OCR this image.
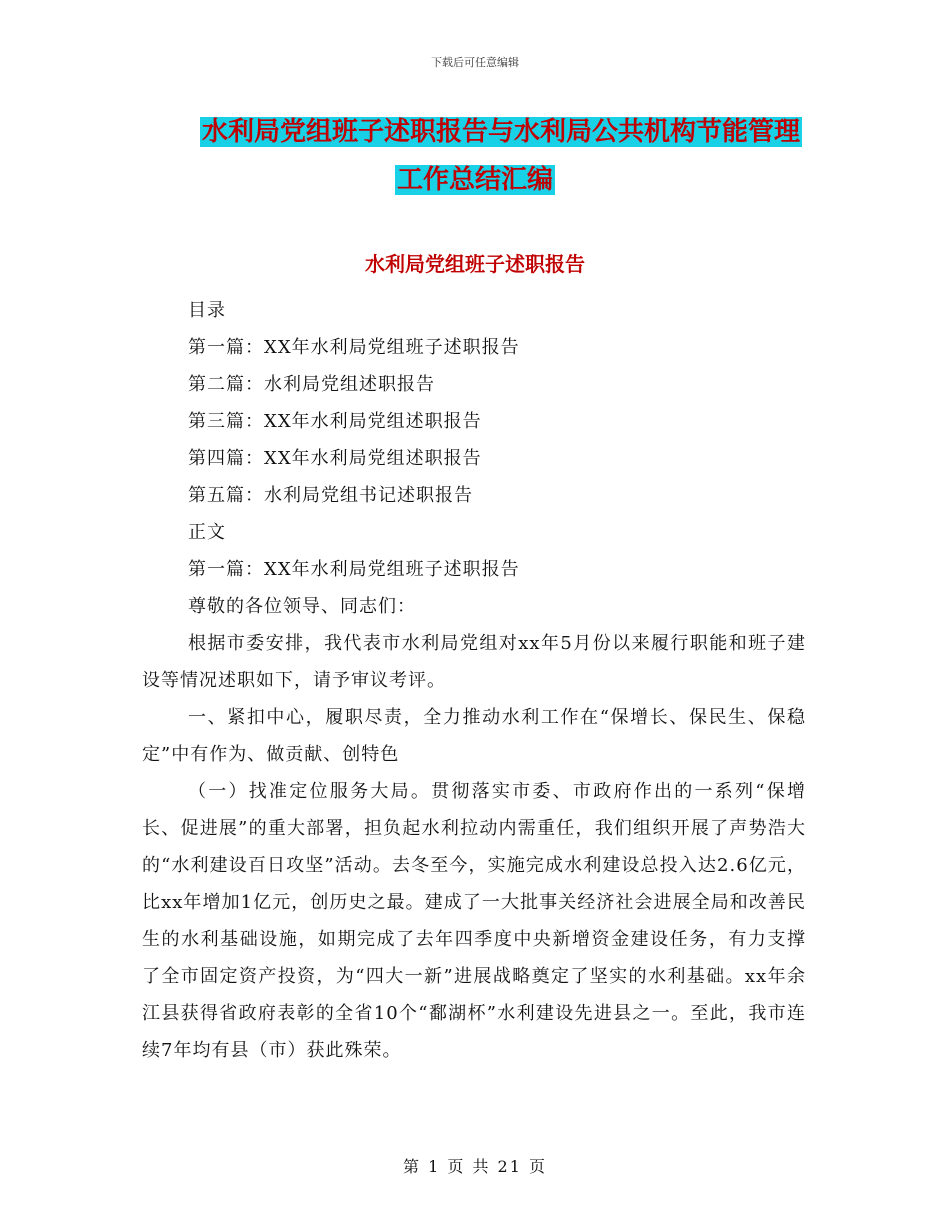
下载后可任意编辑
水利局党组班子述职报告与水利局公共机构节能管理
工作总结汇编
水利局党组班子述职报告

目录

第一篇：XX年水利局党组班子述职报告

第二篇：水利局党组述职报告

第三篇：XX年水利局党组述职报告

第四篇：XX年水利局党组述职报告

第五篇：水利局党组书记述职报告

正文

第一篇：XX年水利局党组班子述职报告

尊敬的各位领导、同志们：

根据市委安排，我代表市水利局党组对xx年5月份以来履行职能和班子建设等情况述职如下，请予审议考评。

一、紧扣中心，履职尽责，全力推动水利工作在“保增长、保民生、保稳定”中有作为、做贡献、创特色

（一）找准定位服务大局。贯彻落实市委、市政府作出的一系列“保增长、促进展”的重大部署，担负起水利拉动内需重任，我们组织开展了声势浩大的“水利建设百日攻坚”活动。去冬至今，实施完成水利建设总投入达2.6亿元，比xx年增加1亿元，创历史之最。建成了一大批事关经济社会进展全局和改善民生的水利基础设施，如期完成了去年四季度中央新增资金建设任务，有力支撑了全市固定资产投资，为“四大一新”进展战略奠定了坚实的水利基础。xx年余江县获得省政府表彰的全省10个“鄱湖杯”水利建设先进县之一。至此，我市连续7年均有县（市）获此殊荣。

第 1 页 共 21 页
